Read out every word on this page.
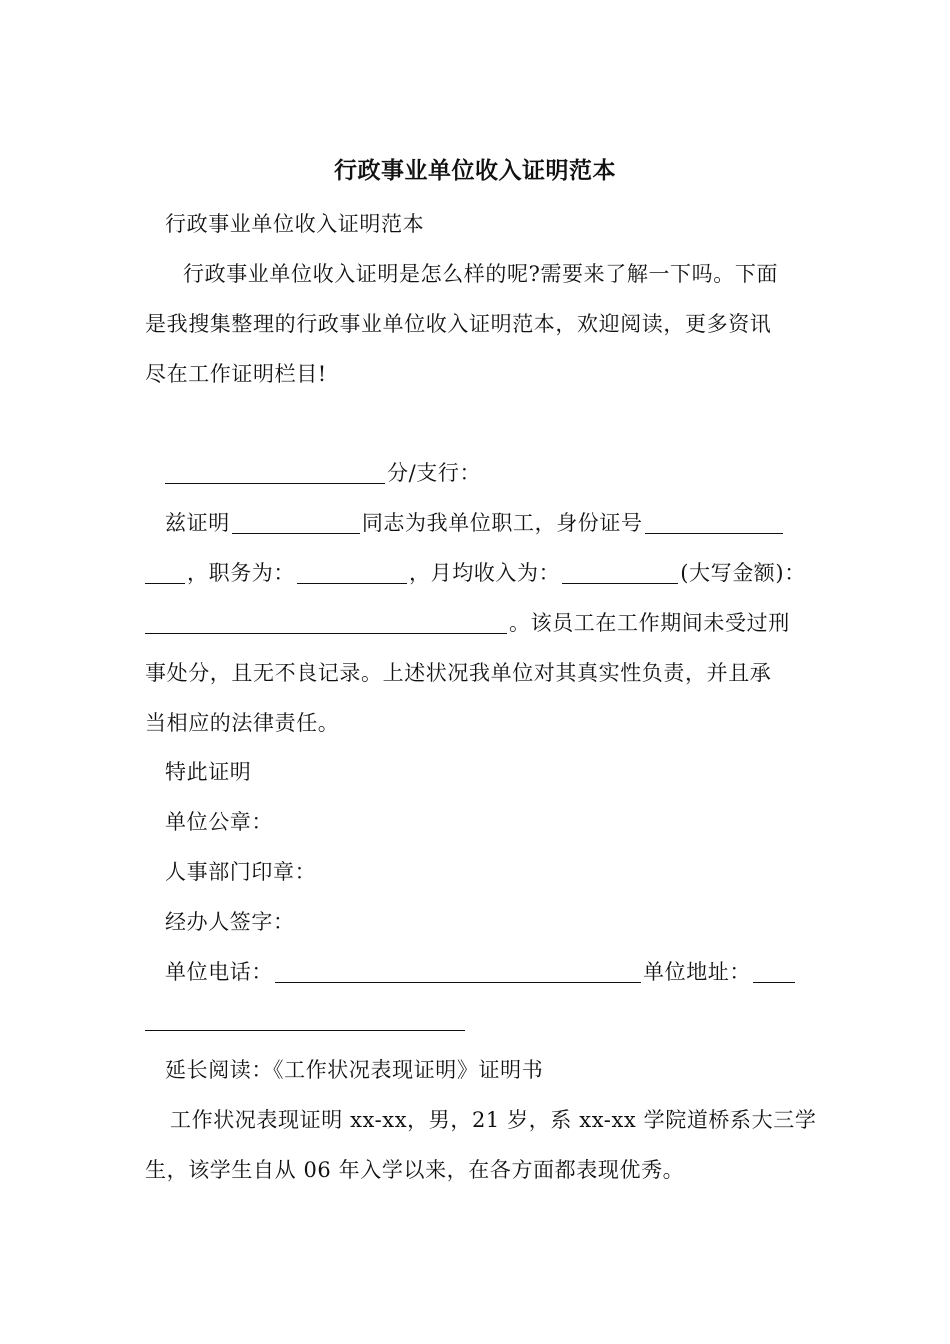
行政事业单位收入证明范本
行政事业单位收入证明范本
行政事业单位收入证明是怎么样的呢?需要来了解一下吗。下面
是我搜集整理的行政事业单位收入证明范本，欢迎阅读，更多资讯
尽在工作证明栏目!
分/支行：
兹证明	同志为我单位职工，身份证号
，职务为：	，月均收入为：	(大写金额)：
。该员工在工作期间未受过刑
事处分，且无不良记录。上述状况我单位对其真实性负责，并且承
当相应的法律责任。
特此证明
单位公章：
人事部门印章：
经办人签字：
单位电话：	单位地址：
延长阅读：《工作状况表现证明》证明书
工作状况表现证明 xx-xx，男，21 岁，系 xx-xx 学院道桥系大三学
生，该学生自从 06 年入学以来，在各方面都表现优秀。
